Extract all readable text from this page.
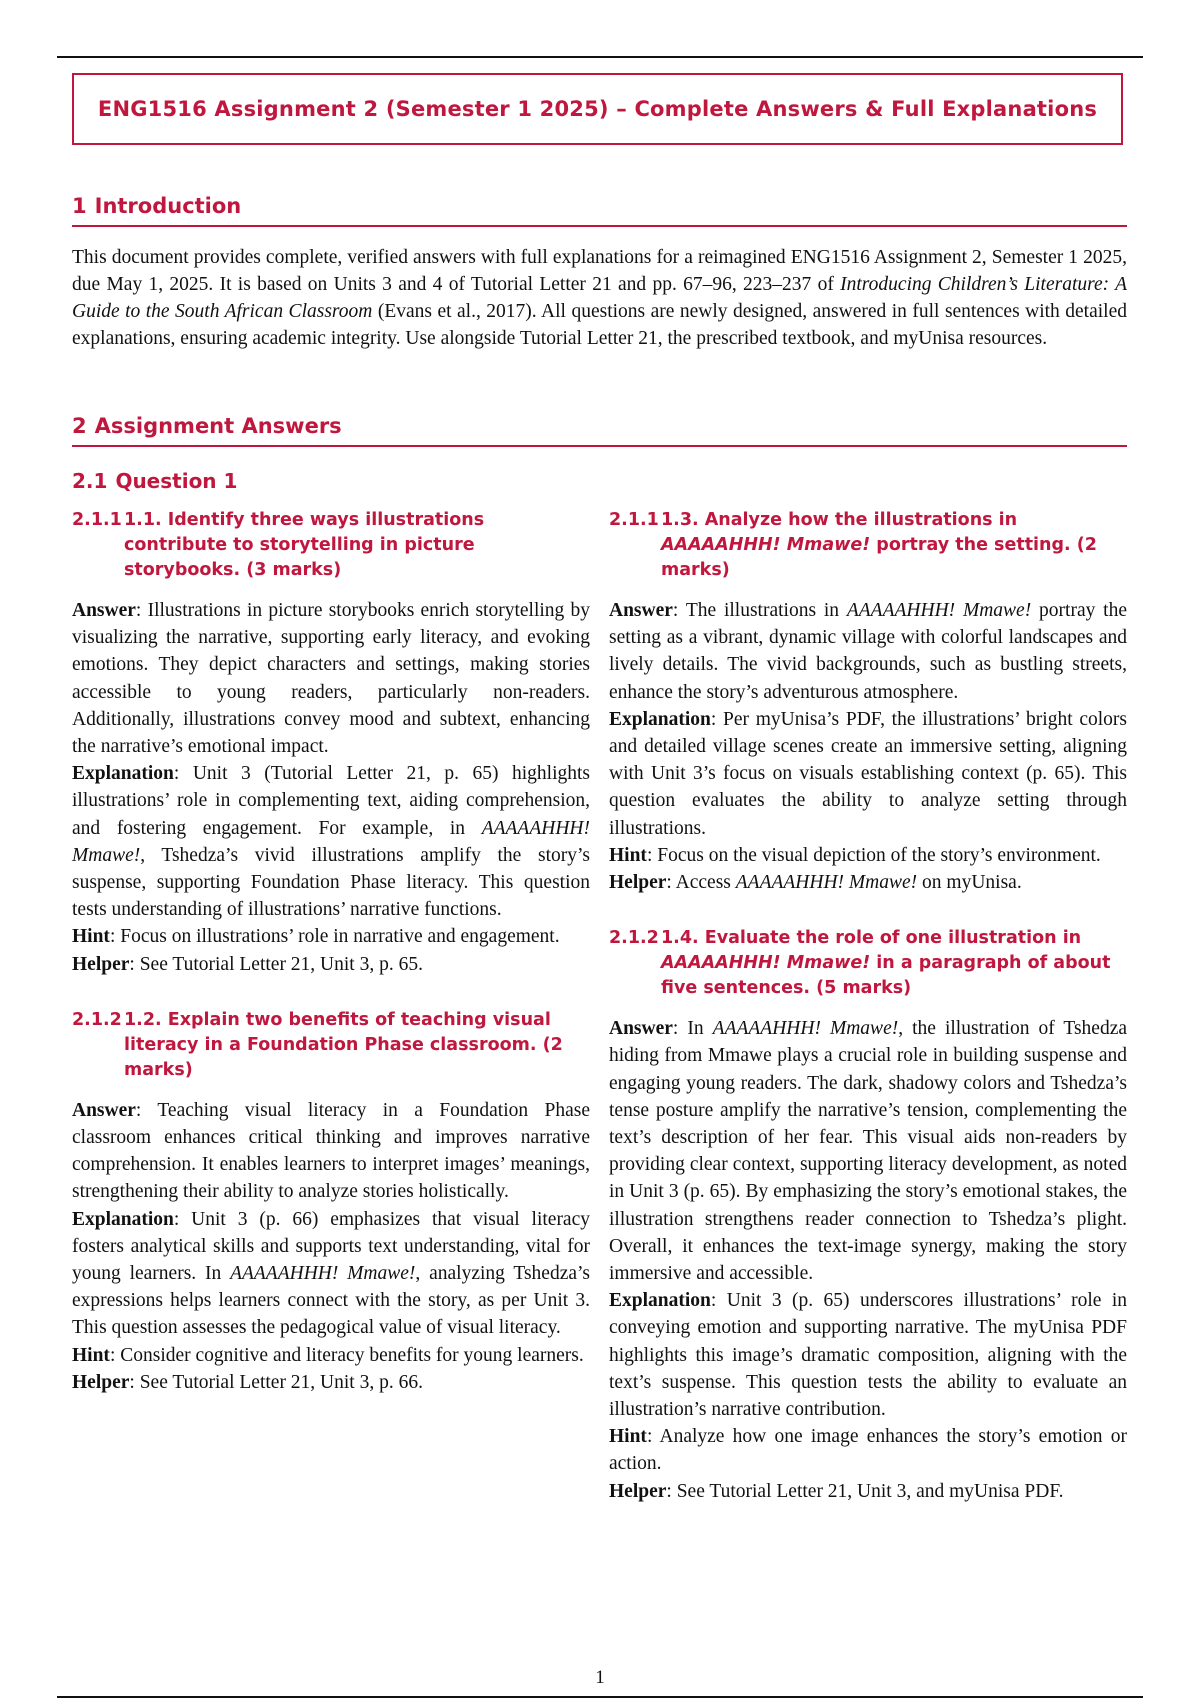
ENG1516 Assignment 2 (Semester 1 2025) – Complete Answers & Full Explanations
1 Introduction

This document provides complete, verified answers with full explanations for a reimagined ENG1516 Assignment 2, Semester 1 2025, due May 1, 2025. It is based on Units 3 and 4 of Tutorial Letter 21 and pp. 67–96, 223–237 of Introducing Children’s Literature: A Guide to the South African Classroom (Evans et al., 2017). All questions are newly designed, answered in full sentences with detailed explanations, ensuring academic integrity. Use alongside Tutorial Letter 21, the prescribed textbook, and myUnisa resources.

2 Assignment Answers
2.1 Question 1
2.1.1 1.1. Identify three ways illustrations contribute to storytelling in picture storybooks. (3 marks)

Answer: Illustrations in picture storybooks enrich storytelling by visualizing the narrative, supporting early literacy, and evoking emotions. They depict characters and settings, making stories accessible to young readers, particularly non-readers. Additionally, illustrations convey mood and subtext, enhancing the narrative’s emotional impact.

Explanation: Unit 3 (Tutorial Letter 21, p. 65) highlights illustrations’ role in complementing text, aiding comprehension, and fostering engagement. For example, in AAAAAHHH! Mmawe!, Tshedza’s vivid illustrations amplify the story’s suspense, supporting Foundation Phase literacy. This question tests understanding of illustrations’ narrative functions.

Hint: Focus on illustrations’ role in narrative and engagement.

Helper: See Tutorial Letter 21, Unit 3, p. 65.

2.1.2 1.2. Explain two benefits of teaching visual literacy in a Foundation Phase classroom. (2 marks)

Answer: Teaching visual literacy in a Foundation Phase classroom enhances critical thinking and improves narrative comprehension. It enables learners to interpret images’ meanings, strengthening their ability to analyze stories holistically.

Explanation: Unit 3 (p. 66) emphasizes that visual literacy fosters analytical skills and supports text understanding, vital for young learners. In AAAAAHHH! Mmawe!, analyzing Tshedza’s expressions helps learners connect with the story, as per Unit 3. This question assesses the pedagogical value of visual literacy.

Hint: Consider cognitive and literacy benefits for young learners.

Helper: See Tutorial Letter 21, Unit 3, p. 66.

2.1.1 1.3. Analyze how the illustrations in AAAAAHHH! Mmawe! portray the setting. (2 marks)

Answer: The illustrations in AAAAAHHH! Mmawe! portray the setting as a vibrant, dynamic village with colorful landscapes and lively details. The vivid backgrounds, such as bustling streets, enhance the story’s adventurous atmosphere.

Explanation: Per myUnisa’s PDF, the illustrations’ bright colors and detailed village scenes create an immersive setting, aligning with Unit 3’s focus on visuals establishing context (p. 65). This question evaluates the ability to analyze setting through illustrations.

Hint: Focus on the visual depiction of the story’s environment.

Helper: Access AAAAAHHH! Mmawe! on myUnisa.

2.1.2 1.4. Evaluate the role of one illustration in AAAAAHHH! Mmawe! in a paragraph of about five sentences. (5 marks)

Answer: In AAAAAHHH! Mmawe!, the illustration of Tshedza hiding from Mmawe plays a crucial role in building suspense and engaging young readers. The dark, shadowy colors and Tshedza’s tense posture amplify the narrative’s tension, complementing the text’s description of her fear. This visual aids non-readers by providing clear context, supporting literacy development, as noted in Unit 3 (p. 65). By emphasizing the story’s emotional stakes, the illustration strengthens reader connection to Tshedza’s plight. Overall, it enhances the text-image synergy, making the story immersive and accessible.

Explanation: Unit 3 (p. 65) underscores illustrations’ role in conveying emotion and supporting narrative. The myUnisa PDF highlights this image’s dramatic composition, aligning with the text’s suspense. This question tests the ability to evaluate an illustration’s narrative contribution.

Hint: Analyze how one image enhances the story’s emotion or action.

Helper: See Tutorial Letter 21, Unit 3, and myUnisa PDF.

1
